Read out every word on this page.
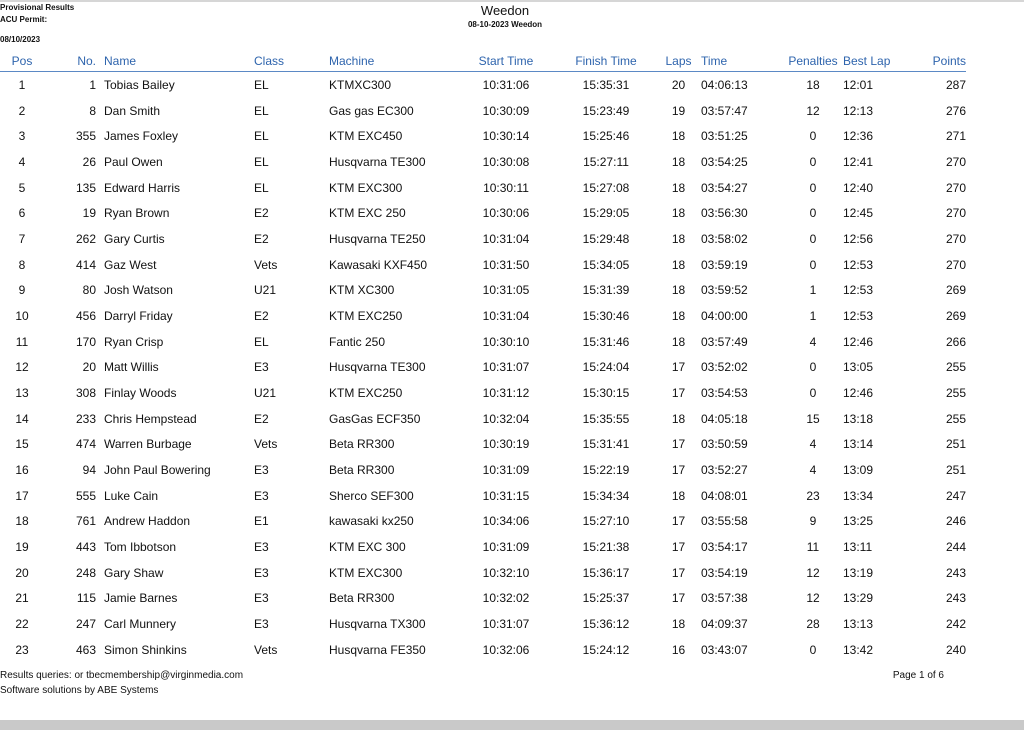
Provisional Results
ACU Permit:
08/10/2023
Weedon
08-10-2023 Weedon
Pos	No.		Name	Class	Machine	Start Time	Finish Time	Laps	Time	Penalties	Best Lap	Points
1	1		Tobias Bailey	EL	KTMXC300	10:31:06	15:35:31	20	04:06:13	18	12:01	287
2	8		Dan Smith	EL	Gas gas EC300	10:30:09	15:23:49	19	03:57:47	12	12:13	276
3	355		James Foxley	EL	KTM EXC450	10:30:14	15:25:46	18	03:51:25	0	12:36	271
4	26		Paul Owen	EL	Husqvarna TE300	10:30:08	15:27:11	18	03:54:25	0	12:41	270
5	135		Edward Harris	EL	KTM EXC300	10:30:11	15:27:08	18	03:54:27	0	12:40	270
6	19		Ryan Brown	E2	KTM EXC 250	10:30:06	15:29:05	18	03:56:30	0	12:45	270
7	262		Gary Curtis	E2	Husqvarna TE250	10:31:04	15:29:48	18	03:58:02	0	12:56	270
8	414		Gaz West	Vets	Kawasaki KXF450	10:31:50	15:34:05	18	03:59:19	0	12:53	270
9	80		Josh Watson	U21	KTM XC300	10:31:05	15:31:39	18	03:59:52	1	12:53	269
10	456		Darryl Friday	E2	KTM EXC250	10:31:04	15:30:46	18	04:00:00	1	12:53	269
11	170		Ryan Crisp	EL	Fantic 250	10:30:10	15:31:46	18	03:57:49	4	12:46	266
12	20		Matt Willis	E3	Husqvarna TE300	10:31:07	15:24:04	17	03:52:02	0	13:05	255
13	308		Finlay Woods	U21	KTM EXC250	10:31:12	15:30:15	17	03:54:53	0	12:46	255
14	233		Chris Hempstead	E2	GasGas ECF350	10:32:04	15:35:55	18	04:05:18	15	13:18	255
15	474		Warren Burbage	Vets	Beta RR300	10:30:19	15:31:41	17	03:50:59	4	13:14	251
16	94		John Paul Bowering	E3	Beta RR300	10:31:09	15:22:19	17	03:52:27	4	13:09	251
17	555		Luke Cain	E3	Sherco SEF300	10:31:15	15:34:34	18	04:08:01	23	13:34	247
18	761		Andrew Haddon	E1	kawasaki kx250	10:34:06	15:27:10	17	03:55:58	9	13:25	246
19	443		Tom Ibbotson	E3	KTM EXC 300	10:31:09	15:21:38	17	03:54:17	11	13:11	244
20	248		Gary Shaw	E3	KTM EXC300	10:32:10	15:36:17	17	03:54:19	12	13:19	243
21	115		Jamie Barnes	E3	Beta RR300	10:32:02	15:25:37	17	03:57:38	12	13:29	243
22	247		Carl Munnery	E3	Husqvarna TX300	10:31:07	15:36:12	18	04:09:37	28	13:13	242
23	463		Simon Shinkins	Vets	Husqvarna FE350	10:32:06	15:24:12	16	03:43:07	0	13:42	240
Results queries: or tbecmembership@virginmedia.com
Software solutions by ABE Systems
Page 1 of 6
